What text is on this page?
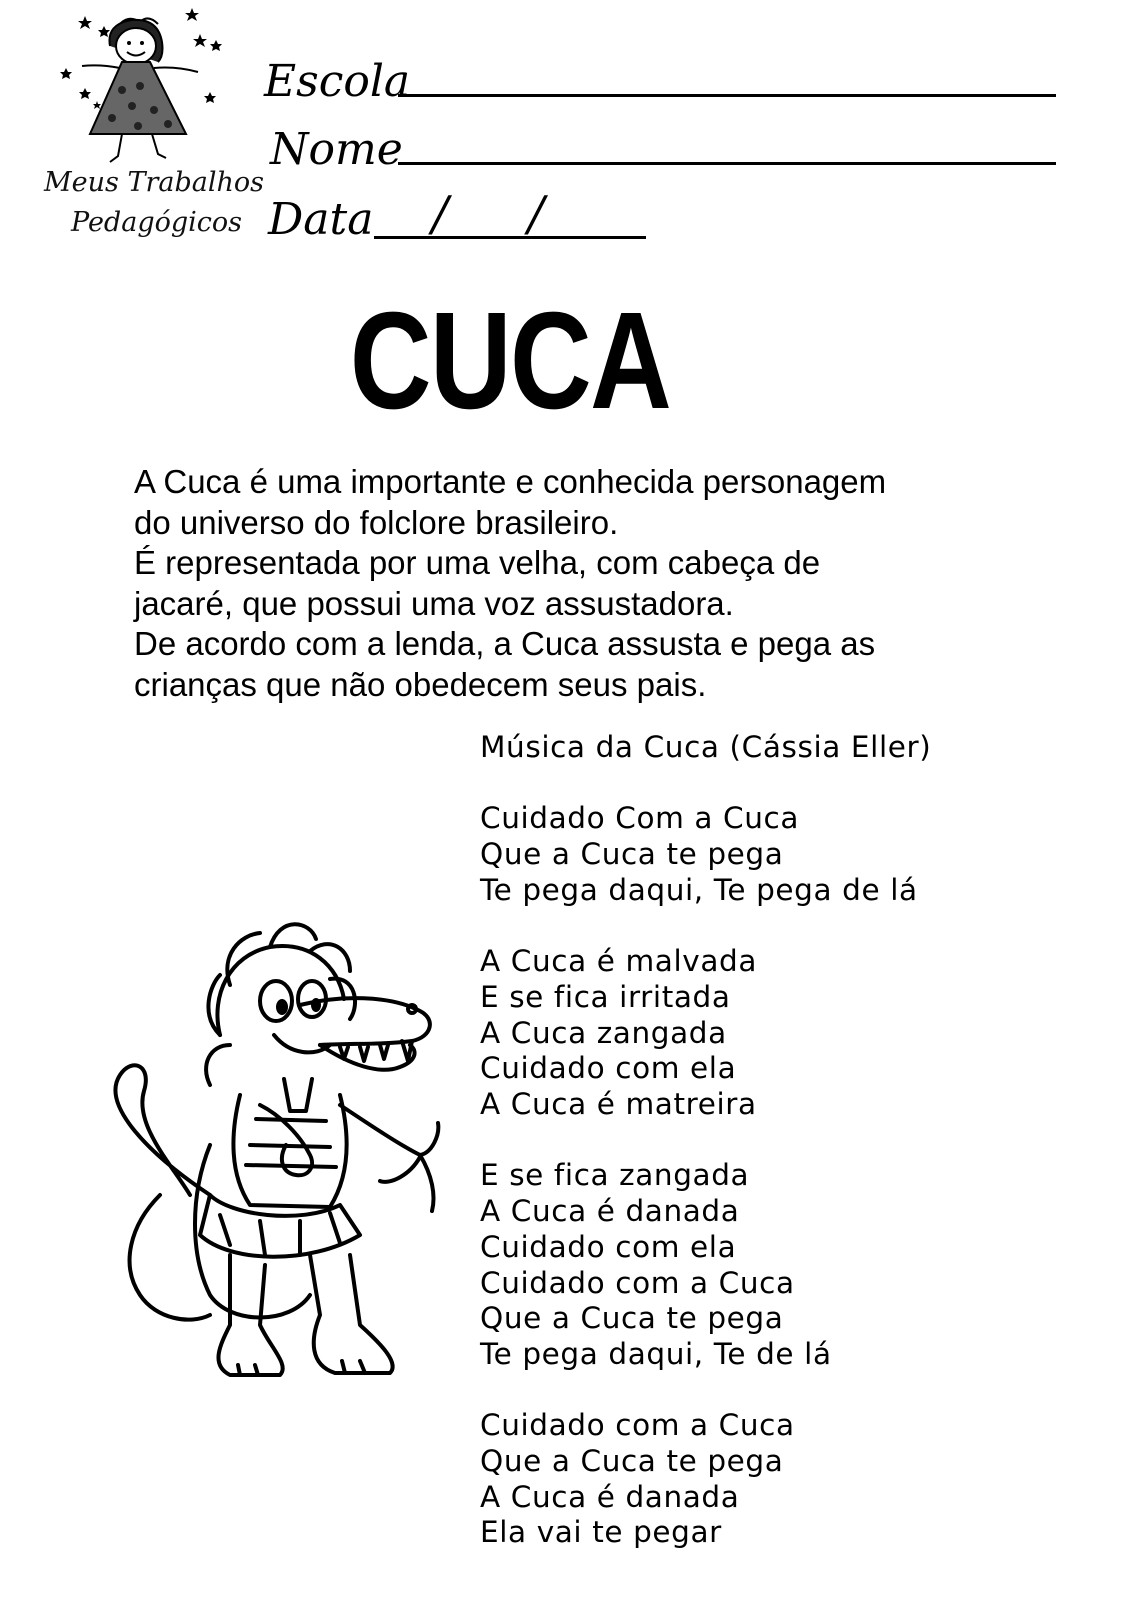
Meus Trabalhos
Pedagógicos
Escola
Nome
Data / /
CUCA

A Cuca é uma importante e conhecida personagem

do universo do folclore brasileiro.

É representada por uma velha, com cabeça de

jacaré, que possui uma voz assustadora.

De acordo com a lenda, a Cuca assusta e pega as

crianças que não obedecem seus pais.

Música da Cuca (Cássia Eller)
Cuidado Com a Cuca
Que a Cuca te pega
Te pega daqui, Te pega de lá
A Cuca é malvada
E se fica irritada
A Cuca zangada
Cuidado com ela
A Cuca é matreira
E se fica zangada
A Cuca é danada
Cuidado com ela
Cuidado com a Cuca
Que a Cuca te pega
Te pega daqui, Te de lá
Cuidado com a Cuca
Que a Cuca te pega
A Cuca é danada
Ela vai te pegar
